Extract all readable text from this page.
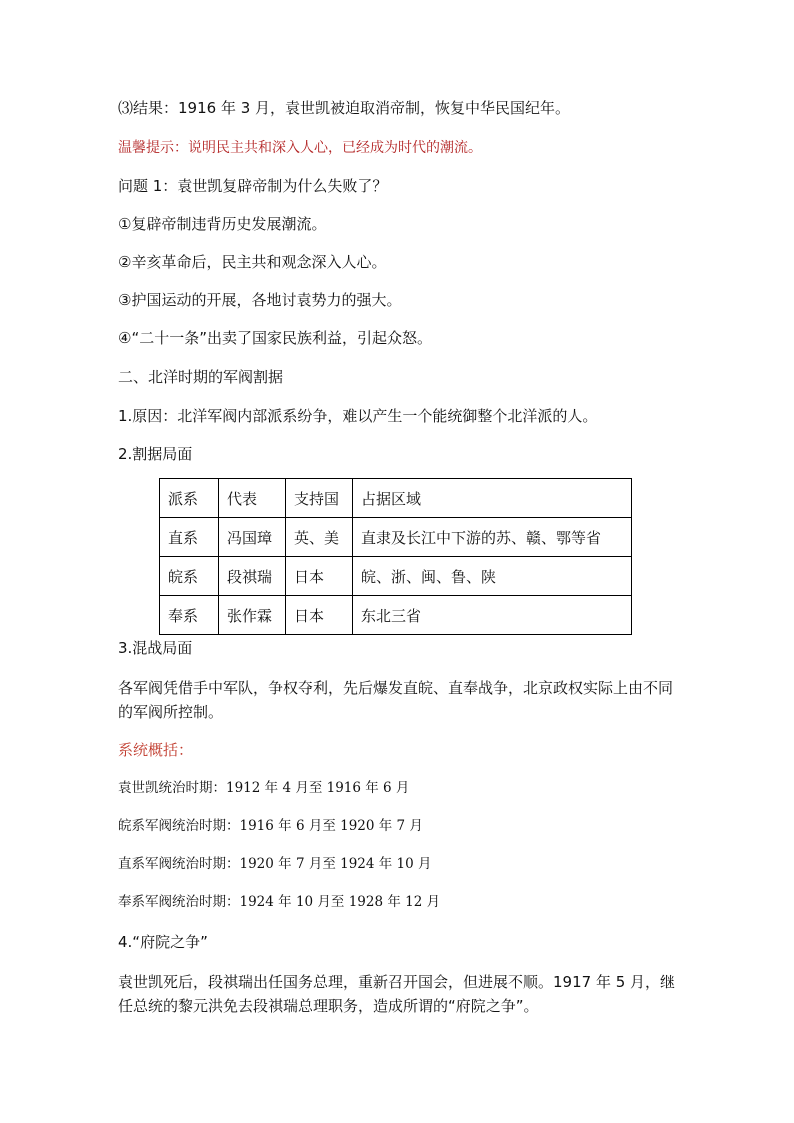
⑶结果：1916 年 3 月，袁世凯被迫取消帝制，恢复中华民国纪年。
温馨提示：说明民主共和深入人心，已经成为时代的潮流。
问题 1：袁世凯复辟帝制为什么失败了？
①复辟帝制违背历史发展潮流。
②辛亥革命后，民主共和观念深入人心。
③护国运动的开展，各地讨袁势力的强大。
④“二十一条”出卖了国家民族利益，引起众怒。
二、北洋时期的军阀割据
1.原因：北洋军阀内部派系纷争，难以产生一个能统御整个北洋派的人。
2.割据局面
派系	代表	支持国	占据区域
直系	冯国璋	英、美	直隶及长江中下游的苏、赣、鄂等省
皖系	段祺瑞	日本	皖、浙、闽、鲁、陕
奉系	张作霖	日本	东北三省
3.混战局面
各军阀凭借手中军队，争权夺利，先后爆发直皖、直奉战争，北京政权实际上由不同的军阀所控制。
系统概括：
袁世凯统治时期：1912 年 4 月至 1916 年 6 月
皖系军阀统治时期：1916 年 6 月至 1920 年 7 月
直系军阀统治时期：1920 年 7 月至 1924 年 10 月
奉系军阀统治时期：1924 年 10 月至 1928 年 12 月
4.“府院之争”
袁世凯死后，段祺瑞出任国务总理，重新召开国会，但进展不顺。1917 年 5 月，继任总统的黎元洪免去段祺瑞总理职务，造成所谓的“府院之争”。
